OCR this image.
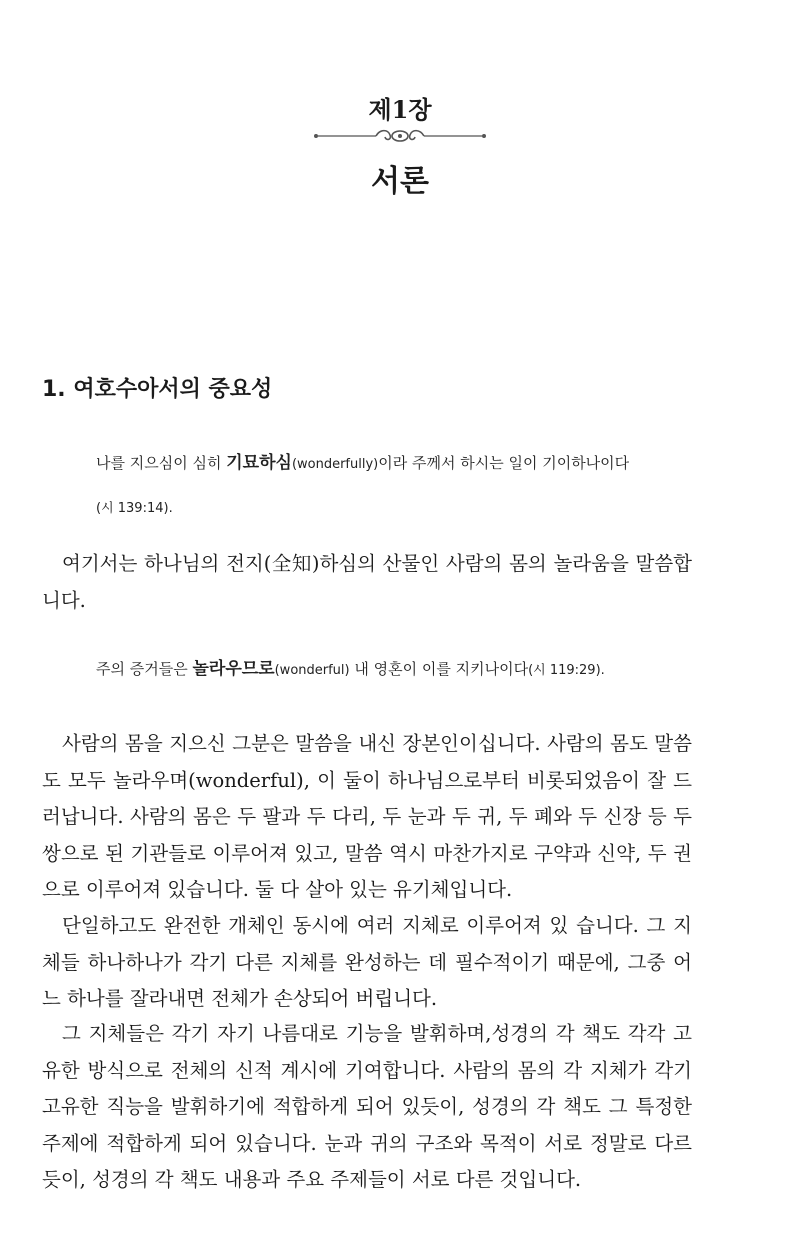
제1장
서론
1. 여호수아서의 중요성
나를 지으심이 심히 기묘하심(wonderfully)이라 주께서 하시는 일이 기이하나이다
(시 139:14).
여기서는 하나님의 전지(全知)하심의 산물인 사람의 몸의 놀라움을 말씀합니다.
주의 증거들은 놀라우므로(wonderful) 내 영혼이 이를 지키나이다(시 119:29).
사람의 몸을 지으신 그분은 말씀을 내신 장본인이십니다. 사람의 몸도 말씀도 모두 놀라우며(wonderful), 이 둘이 하나님으로부터 비롯되었음이 잘 드러납니다. 사람의 몸은 두 팔과 두 다리, 두 눈과 두 귀, 두 폐와 두 신장 등 두 쌍으로 된 기관들로 이루어져 있고, 말씀 역시 마찬가지로 구약과 신약, 두 권으로 이루어져 있습니다. 둘 다 살아 있는 유기체입니다.
단일하고도 완전한 개체인 동시에 여러 지체로 이루어져 있 습니다. 그 지체들 하나하나가 각기 다른 지체를 완성하는 데 필수적이기 때문에, 그중 어느 하나를 잘라내면 전체가 손상되어 버립니다.
그 지체들은 각기 자기 나름대로 기능을 발휘하며,성경의 각 책도 각각 고유한 방식으로 전체의 신적 계시에 기여합니다. 사람의 몸의 각 지체가 각기 고유한 직능을 발휘하기에 적합하게 되어 있듯이, 성경의 각 책도 그 특정한 주제에 적합하게 되어 있습니다. 눈과 귀의 구조와 목적이 서로 정말로 다르듯이, 성경의 각 책도 내용과 주요 주제들이 서로 다른 것입니다.
